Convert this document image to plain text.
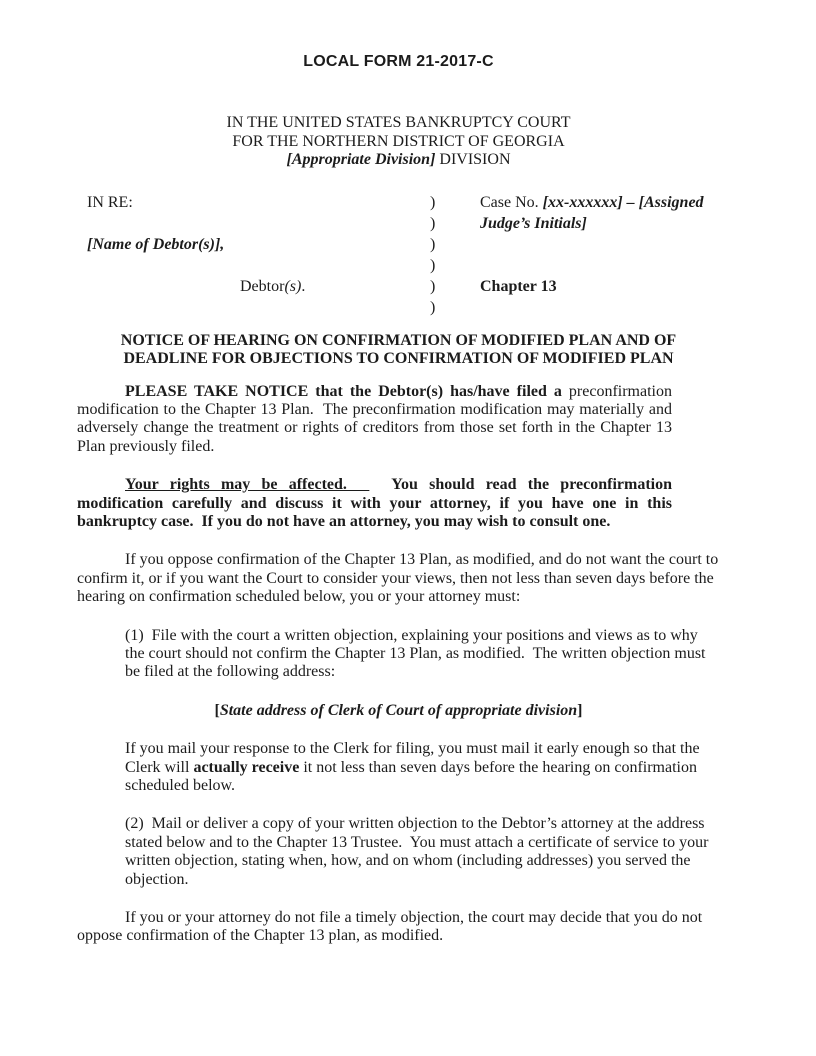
LOCAL FORM 21-2017-C
IN THE UNITED STATES BANKRUPTCY COURT
FOR THE NORTHERN DISTRICT OF GEORGIA
[Appropriate Division] DIVISION
IN RE:
[Name of Debtor(s)],
Debtor(s).
)
)
)
)
)
)
Case No. [xx-xxxxxx] – [Assigned
Judge’s Initials]
Chapter 13
NOTICE OF HEARING ON CONFIRMATION OF MODIFIED PLAN AND OF
DEADLINE FOR OBJECTIONS TO CONFIRMATION OF MODIFIED PLAN

PLEASE TAKE NOTICE that the Debtor(s) has/have filed a preconfirmation modification to the Chapter 13 Plan.  The preconfirmation modification may materially and adversely change the treatment or rights of creditors from those set forth in the Chapter 13 Plan previously filed.

Your rights may be affected.    You should read the preconfirmation modification carefully and discuss it with your attorney, if you have one in this bankruptcy case.  If you do not have an attorney, you may wish to consult one.

If you oppose confirmation of the Chapter 13 Plan, as modified, and do not want the court to confirm it, or if you want the Court to consider your views, then not less than seven days before the hearing on confirmation scheduled below, you or your attorney must:

(1)  File with the court a written objection, explaining your positions and views as to why the court should not confirm the Chapter 13 Plan, as modified.  The written objection must be filed at the following address:

[State address of Clerk of Court of appropriate division]

If you mail your response to the Clerk for filing, you must mail it early enough so that the Clerk will actually receive it not less than seven days before the hearing on confirmation scheduled below.

(2)  Mail or deliver a copy of your written objection to the Debtor’s attorney at the address stated below and to the Chapter 13 Trustee.  You must attach a certificate of service to your written objection, stating when, how, and on whom (including addresses) you served the objection.

If you or your attorney do not file a timely objection, the court may decide that you do not oppose confirmation of the Chapter 13 plan, as modified.
